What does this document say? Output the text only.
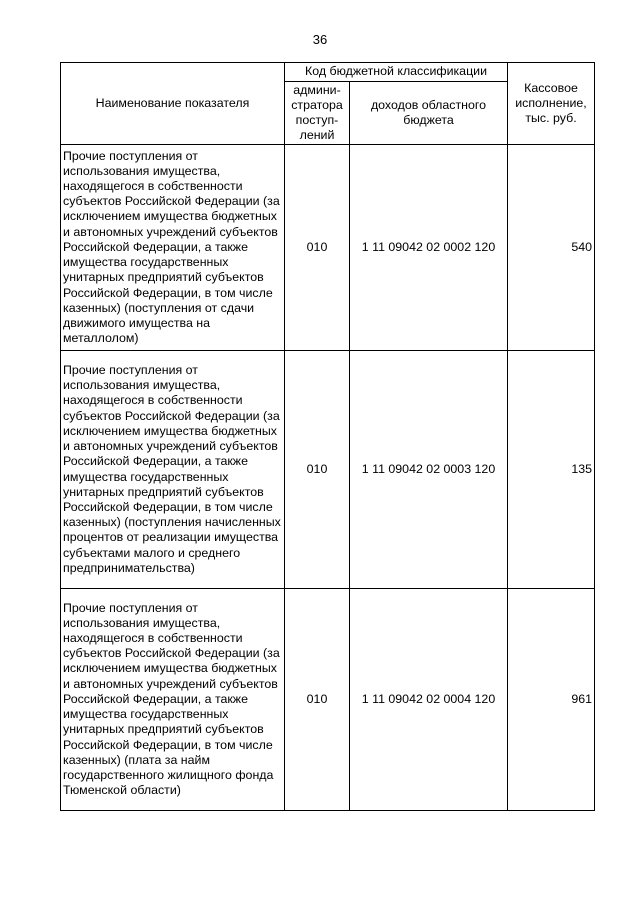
36
Наименование показателя	Код бюджетной классификации		Кассовое исполнение, тыс. руб.
	админи-стратора поступ-лений	доходов областного бюджета	
Прочие поступления от использования имущества, находящегося в собственности субъектов Российской Федерации (за исключением имущества бюджетных и автономных учреждений субъектов Российской Федерации, а также имущества государственных унитарных предприятий субъектов Российской Федерации, в том числе казенных) (поступления от сдачи движимого имущества на металлолом)	010	1 11 09042 02 0002 120	540
Прочие поступления от использования имущества, находящегося в собственности субъектов Российской Федерации (за исключением имущества бюджетных и автономных учреждений субъектов Российской Федерации, а также имущества государственных унитарных предприятий субъектов Российской Федерации, в том числе казенных) (поступления начисленных процентов от реализации имущества субъектами малого и среднего предпринимательства)	010	1 11 09042 02 0003 120	135
Прочие поступления от использования имущества, находящегося в собственности субъектов Российской Федерации (за исключением имущества бюджетных и автономных учреждений субъектов Российской Федерации, а также имущества государственных унитарных предприятий субъектов Российской Федерации, в том числе казенных) (плата за найм государственного жилищного фонда Тюменской области)	010	1 11 09042 02 0004 120	961
